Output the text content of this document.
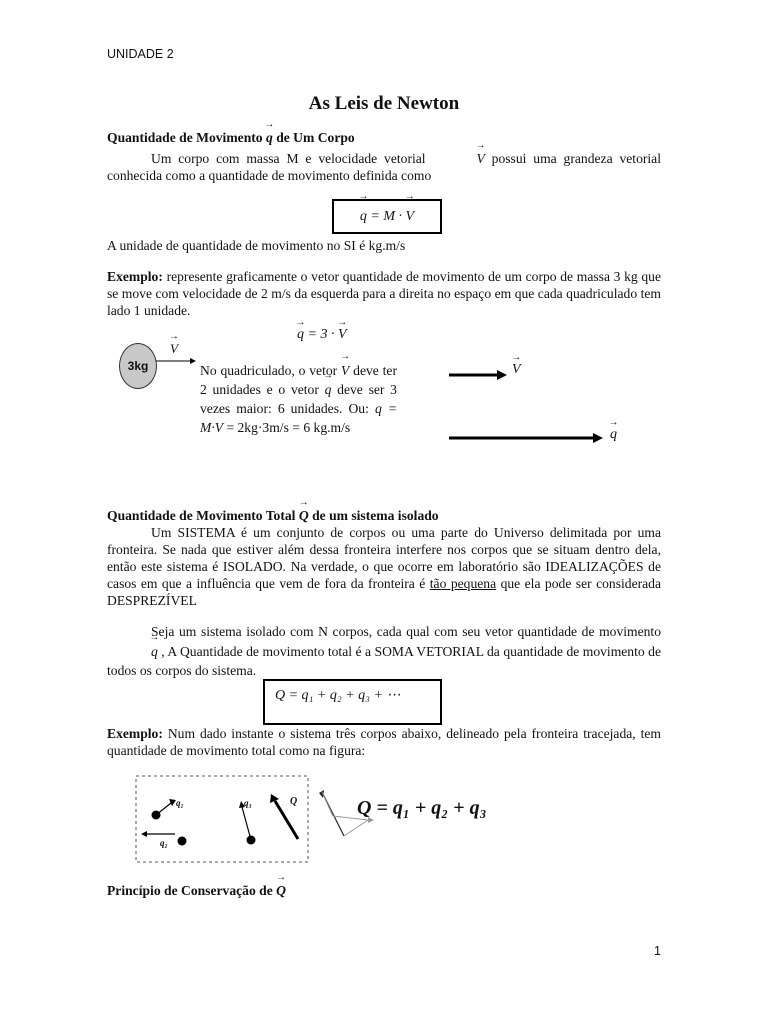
UNIDADE 2
As Leis de Newton
Quantidade de Movimento → q de Um Corpo
Um corpo com massa M e velocidade vetorial	→ V possui uma grandeza vetorial conhecida como a quantidade de movimento definida como
→ q = M · → V
A unidade de quantidade de movimento no SI é kg.m/s
Exemplo: represente graficamente o vetor quantidade de movimento de um corpo de massa 3 kg que se move com velocidade de 2 m/s da esquerda para a direita no espaço em que cada quadriculado tem lado 1 unidade.
→ q = 3 · → V
3kg
→ V
No quadriculado, o vetor → V deve ter 2 unidades e o vetor → q deve ser 3 vezes maior: 6 unidades. Ou: q = M·V = 2kg·3m/s = 6 kg.m/s
→ V
→ q
Quantidade de Movimento Total → Q de um sistema isolado
Um SISTEMA é um conjunto de corpos ou uma parte do Universo delimitada por uma fronteira. Se nada que estiver além dessa fronteira interfere nos corpos que se situam dentro dela, então este sistema é ISOLADO. Na verdade, o que ocorre em laboratório são IDEALIZAÇÕES de casos em que a influência que vem de fora da fronteira é tão pequena que ela pode ser considerada DESPREZÍVEL
Seja um sistema isolado com N corpos, cada qual com seu vetor quantidade de movimento → q , A Quantidade de movimento total é a SOMA VETORIAL da quantidade de movimento de todos os corpos do sistema.
Q = q₁ + q₂ + q₃ + ⋯
Exemplo: Num dado instante o sistema três corpos abaixo, delineado pela fronteira tracejada, tem quantidade de movimento total como na figura:
q₁
q₂
q₃	Q	Q = q₁ + q₂ + q₃
Princípio de Conservação de → Q
1
